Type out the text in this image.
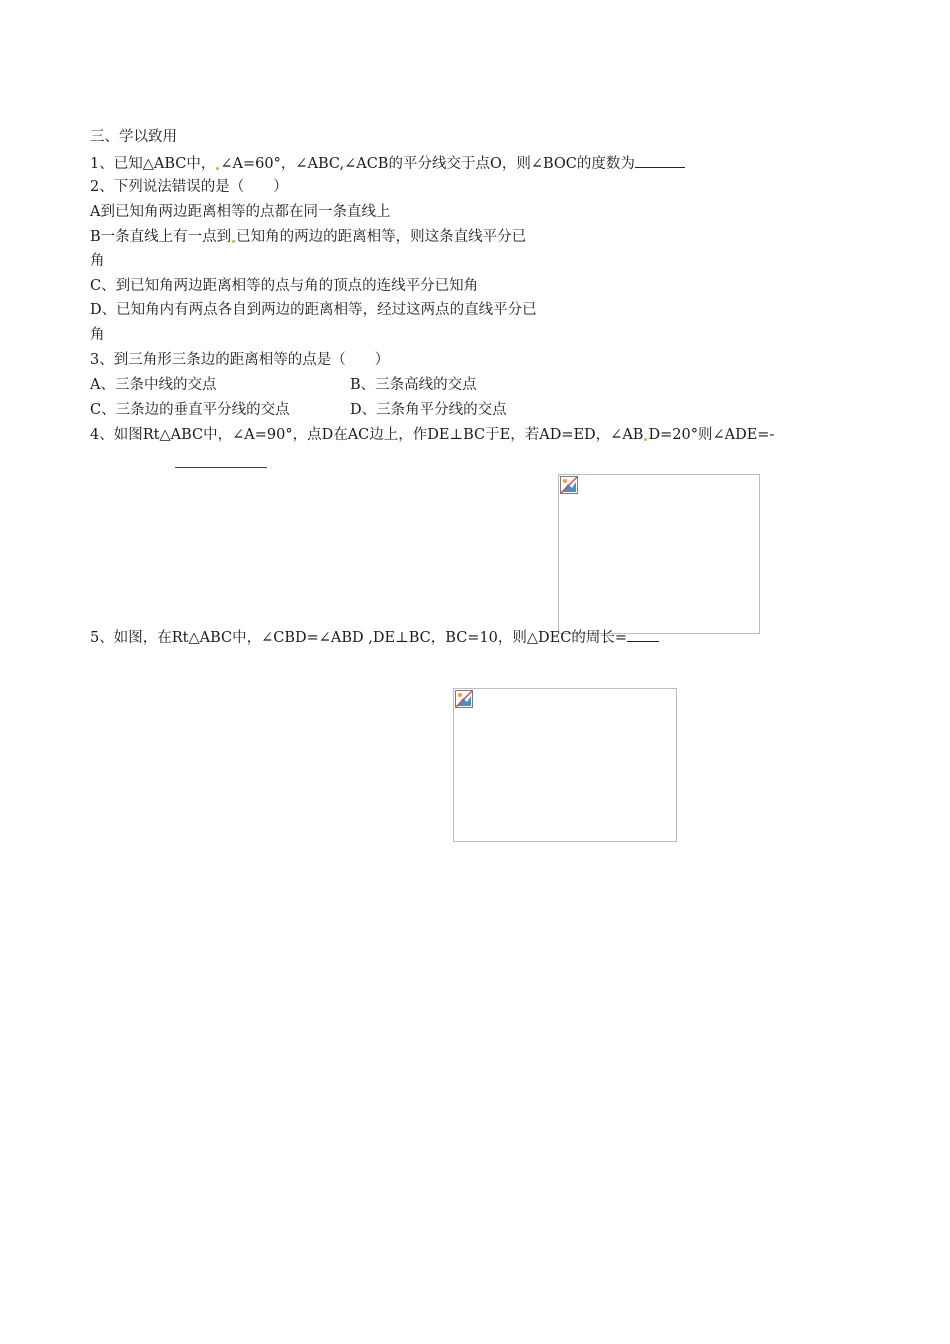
三、学以致用
1、已知△ABC中， ∠A=60°，∠ABC,∠ACB的平分线交于点O，则∠BOC的度数为
2、下列说法错误的是（　　）
A到已知角两边距离相等的点都在同一条直线上
B一条直线上有一点到 已知角的两边的距离相等，则这条直线平分已
角
C、到已知角两边距离相等的点与角的顶点的连线平分已知角
D、已知角内有两点各自到两边的距离相等，经过这两点的直线平分已
角
3、到三角形三条边的距离相等的点是（　　）
A、三条中线的交点	B、三条高线的交点
C、三条边的垂直平分线的交点	D、三条角平分线的交点
4、如图Rt△ABC中，∠A=90°，点D在AC边上，作DE⊥BC于E，若AD=ED，∠AB D=20°则∠ADE=-
5、如图，在Rt△ABC中，∠CBD=∠ABD ,DE⊥BC，BC=10，则△DEC的周长=
